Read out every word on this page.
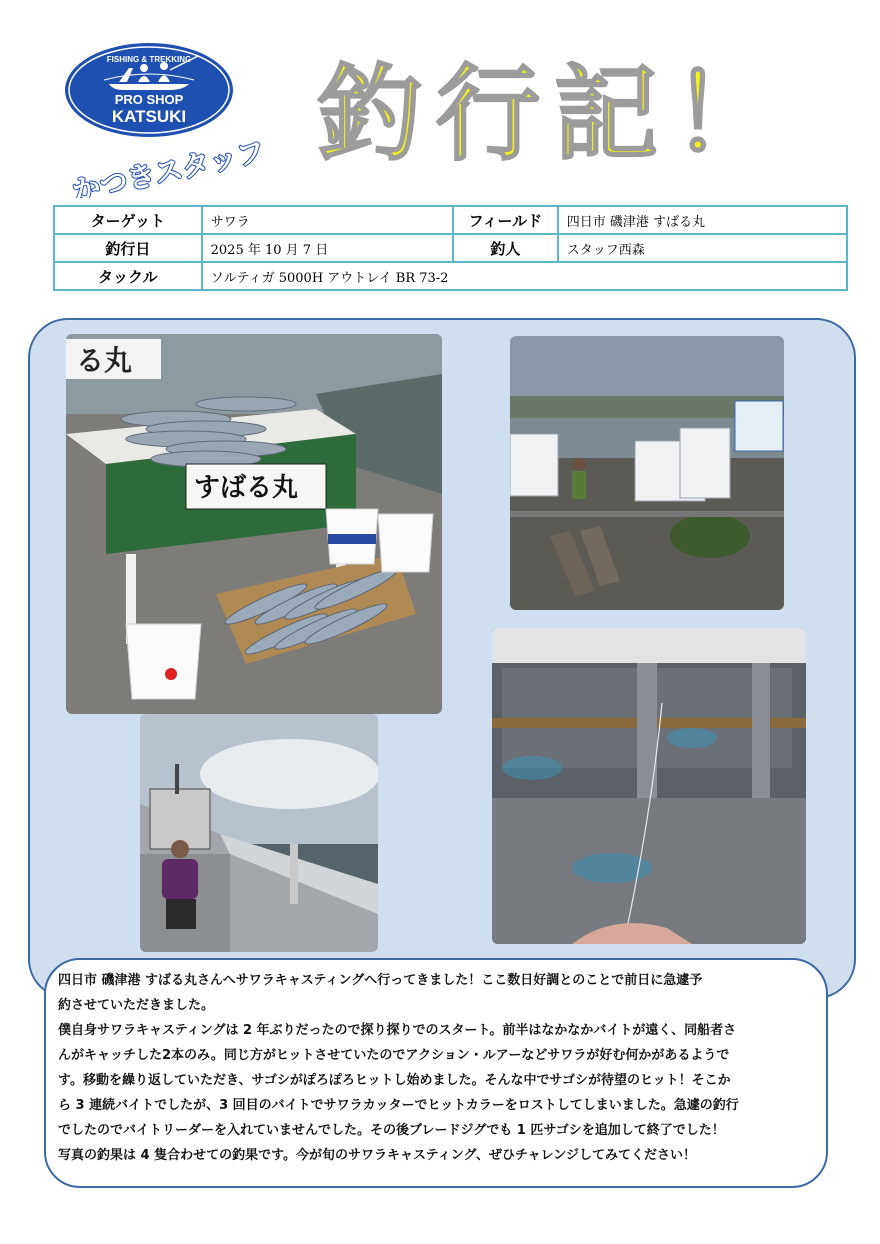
FISHING & TREKKING
PRO SHOP
KATSUKI
かつきスタッフ 釣行記！
ターゲット	サワラ	フィールド	四日市 磯津港 すばる丸
釣行日	2025 年 10 月 7 日	釣人	スタッフ西森
タックル	ソルティガ 5000H アウトレイ BR 73-2		
る丸
すばる丸

四日市 磯津港 すばる丸さんへサワラキャスティングへ行ってきました！ここ数日好調とのことで前日に急遽予

約させていただきました。

僕自身サワラキャスティングは 2 年ぶりだったので探り探りでのスタート。前半はなかなかバイトが遠く、同船者さ

んがキャッチした2本のみ。同じ方がヒットさせていたのでアクション・ルアーなどサワラが好む何かがあるようで

す。移動を繰り返していただき、サゴシがぽろぽろヒットし始めました。そんな中でサゴシが待望のヒット！そこか

ら 3 連続バイトでしたが、3 回目のバイトでサワラカッターでヒットカラーをロストしてしまいました。急遽の釣行

でしたのでバイトリーダーを入れていませんでした。その後ブレードジグでも 1 匹サゴシを追加して終了でした！

写真の釣果は 4 隻合わせての釣果です。今が旬のサワラキャスティング、ぜひチャレンジしてみてください！
